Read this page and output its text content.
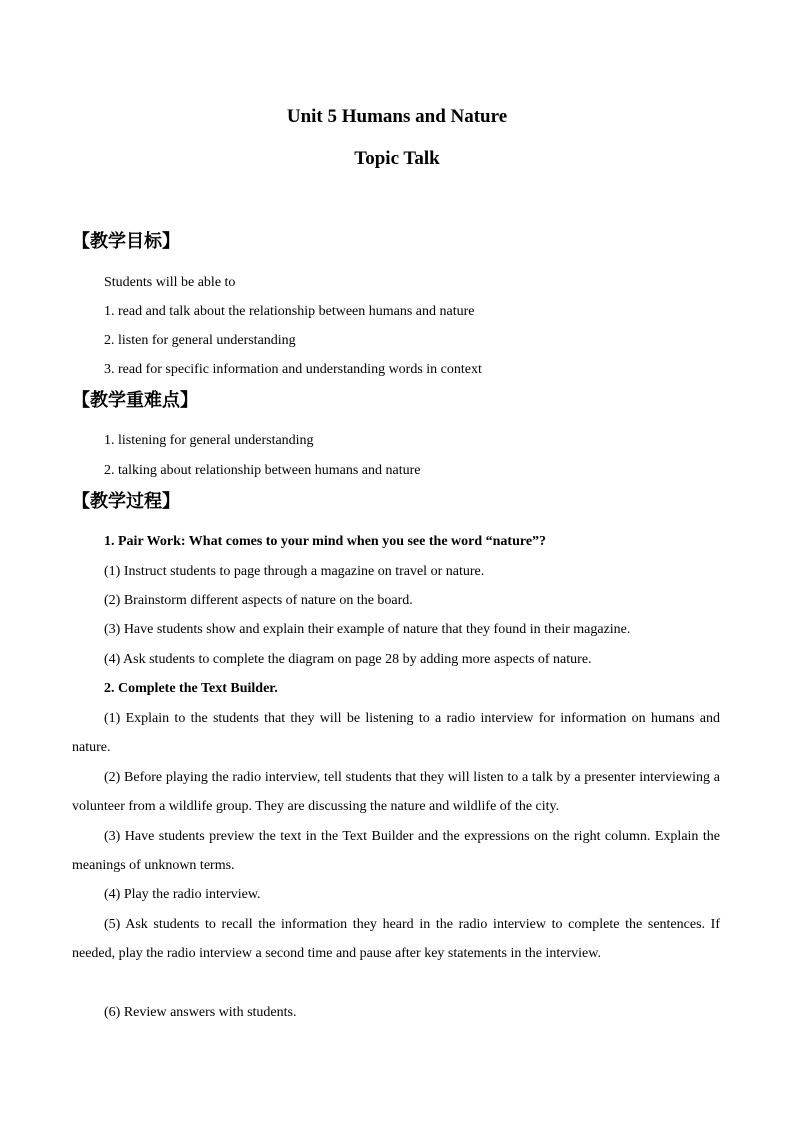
Unit 5 Humans and Nature
Topic Talk
【教学目标】

Students will be able to

1. read and talk about the relationship between humans and nature

2. listen for general understanding

3. read for specific information and understanding words in context

【教学重难点】

1. listening for general understanding

2. talking about relationship between humans and nature

【教学过程】

1. Pair Work: What comes to your mind when you see the word “nature”?

(1) Instruct students to page through a magazine on travel or nature.

(2) Brainstorm different aspects of nature on the board.

(3) Have students show and explain their example of nature that they found in their magazine.

(4) Ask students to complete the diagram on page 28 by adding more aspects of nature.

2. Complete the Text Builder.

(1) Explain to the students that they will be listening to a radio interview for information on humans and nature.

(2) Before playing the radio interview, tell students that they will listen to a talk by a presenter interviewing a volunteer from a wildlife group. They are discussing the nature and wildlife of the city.

(3) Have students preview the text in the Text Builder and the expressions on the right column. Explain the meanings of unknown terms.

(4) Play the radio interview.

(5) Ask students to recall the information they heard in the radio interview to complete the sentences. If needed, play the radio interview a second time and pause after key statements in the interview.

(6) Review answers with students.
